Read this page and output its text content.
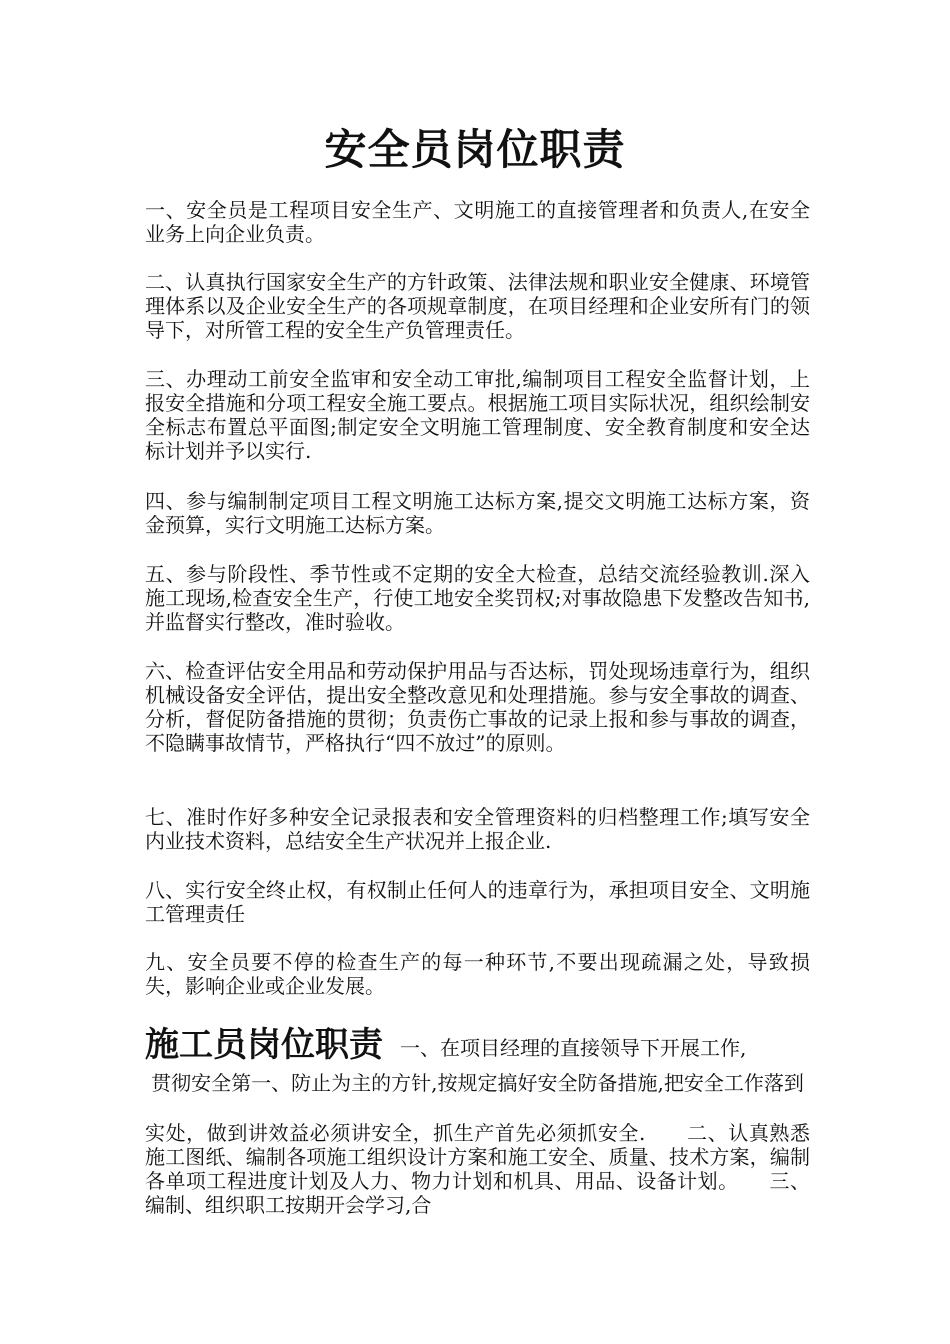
安全员岗位职责

一、安全员是工程项目安全生产、文明施工的直接管理者和负责人,在安全业务上向企业负责。

二、认真执行国家安全生产的方针政策、法律法规和职业安全健康、环境管理体系以及企业安全生产的各项规章制度，在项目经理和企业安所有门的领导下，对所管工程的安全生产负管理责任。

三、办理动工前安全监审和安全动工审批,编制项目工程安全监督计划，上报安全措施和分项工程安全施工要点。根据施工项目实际状况，组织绘制安全标志布置总平面图;制定安全文明施工管理制度、安全教育制度和安全达标计划并予以实行.

四、参与编制制定项目工程文明施工达标方案,提交文明施工达标方案，资金预算，实行文明施工达标方案。

五、参与阶段性、季节性或不定期的安全大检查，总结交流经验教训.深入施工现场,检查安全生产，行使工地安全奖罚权;对事故隐患下发整改告知书,并监督实行整改，准时验收。

六、检查评估安全用品和劳动保护用品与否达标，罚处现场违章行为，组织机械设备安全评估，提出安全整改意见和处理措施。参与安全事故的调查、分析，督促防备措施的贯彻；负责伤亡事故的记录上报和参与事故的调查，不隐瞒事故情节，严格执行“四不放过”的原则。

七、准时作好多种安全记录报表和安全管理资料的归档整理工作;填写安全内业技术资料，总结安全生产状况并上报企业.

八、实行安全终止权，有权制止任何人的违章行为，承担项目安全、文明施工管理责任

九、安全员要不停的检查生产的每一种环节,不要出现疏漏之处，导致损失，影响企业或企业发展。

施工员岗位职责 一、在项目经理的直接领导下开展工作,

贯彻安全第一、防止为主的方针,按规定搞好安全防备措施,把安全工作落到

实处，做到讲效益必须讲安全，抓生产首先必须抓安全.　　二、认真熟悉施工图纸、编制各项施工组织设计方案和施工安全、质量、技术方案，编制各单项工程进度计划及人力、物力计划和机具、用品、设备计划。　　三、编制、组织职工按期开会学习,合
